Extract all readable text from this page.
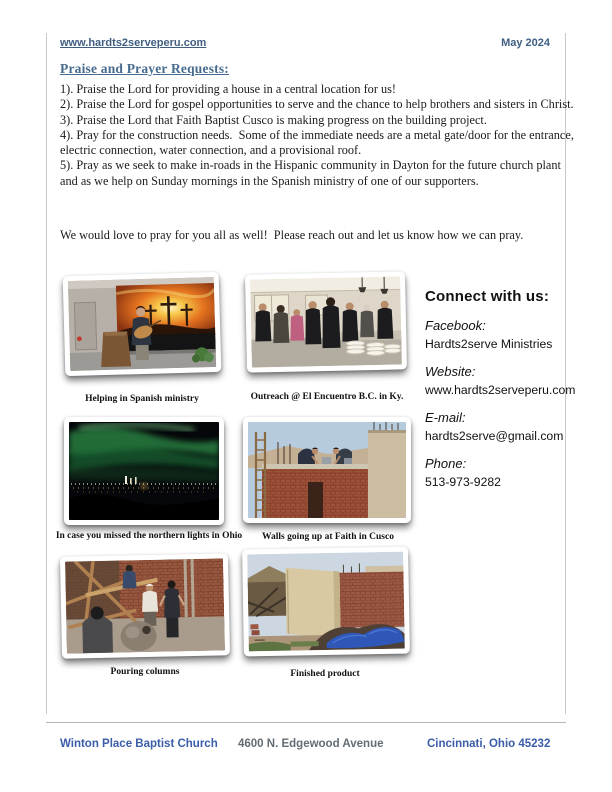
www.hardts2serveperu.com	May 2024
Praise and Prayer Requests:

1). Praise the Lord for providing a house in a central location for us!

2). Praise the Lord for gospel opportunities to serve and the chance to help brothers and sisters in Christ.

3). Praise the Lord that Faith Baptist Cusco is making progress on the building project.

4). Pray for the construction needs.  Some of the immediate needs are a metal gate/door for the entrance, electric connection, water connection, and a provisional roof.

5). Pray as we seek to make in-roads in the Hispanic community in Dayton for the future church plant and as we help on Sunday mornings in the Spanish ministry of one of our supporters.

We would love to pray for you all as well!  Please reach out and let us know how we can pray.
Helping in Spanish ministry	Outreach @ El Encuentro B.C. in Ky.
In case you missed the northern lights in Ohio	Walls going up at Faith in Cusco
Pouring columns	Finished product
Connect with us:
Facebook:
Hardts2serve Ministries
Website:
www.hardts2serveperu.com
E-mail:
hardts2serve@gmail.com
Phone:
513-973-9282
Winton Place Baptist Church 4600 N. Edgewood Avenue	Cincinnati, Ohio 45232
